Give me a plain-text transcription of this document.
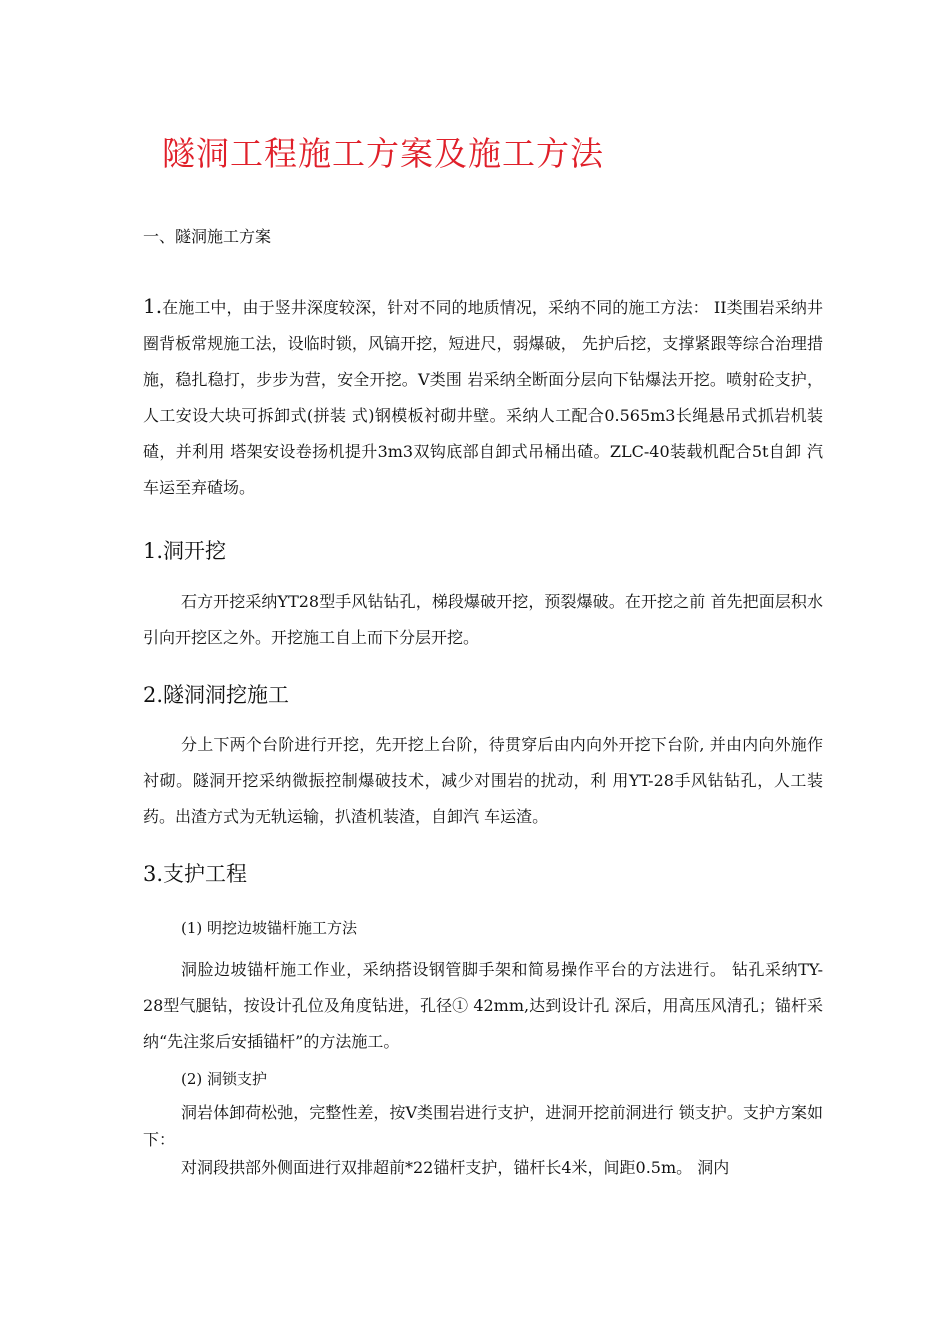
隧洞工程施工方案及施工方法
一、隧洞施工方案
1.在施工中，由于竖井深度较深，针对不同的地质情况，采纳不同的施工方法： II类围岩采纳井圈背板常规施工法，设临时锁，风镐开挖，短进尺，弱爆破， 先护后挖，支撑紧跟等综合治理措施，稳扎稳打，步步为营，安全开挖。V类围 岩采纳全断面分层向下钻爆法开挖。喷射砼支护，人工安设大块可拆卸式(拼装 式)钢模板衬砌井壁。采纳人工配合0.565m3长绳悬吊式抓岩机装碴，并利用 塔架安设卷扬机提升3m3双钩底部自卸式吊桶出碴。ZLC-40装载机配合5t自卸 汽车运至弃碴场。
1.洞开挖
石方开挖采纳YT28型手风钻钻孔，梯段爆破开挖，预裂爆破。在开挖之前 首先把面层积水引向开挖区之外。开挖施工自上而下分层开挖。
2.隧洞洞挖施工
分上下两个台阶进行开挖，先开挖上台阶，待贯穿后由内向外开挖下台阶, 并由内向外施作衬砌。隧洞开挖采纳微振控制爆破技术，减少对围岩的扰动，利 用YT-28手风钻钻孔，人工装药。出渣方式为无轨运输，扒渣机装渣，自卸汽 车运渣。
3.支护工程
(1) 明挖边坡锚杆施工方法
洞脸边坡锚杆施工作业，采纳搭设钢管脚手架和简易操作平台的方法进行。 钻孔采纳TY-28型气腿钻，按设计孔位及角度钻进，孔径① 42mm,达到设计孔 深后，用高压风清孔；锚杆采纳“先注浆后安插锚杆”的方法施工。
(2) 洞锁支护
洞岩体卸荷松弛，完整性差，按V类围岩进行支护，进洞开挖前洞进行 锁支护。支护方案如下：
对洞段拱部外侧面进行双排超前*22锚杆支护，锚杆长4米，间距0.5m。 洞内
